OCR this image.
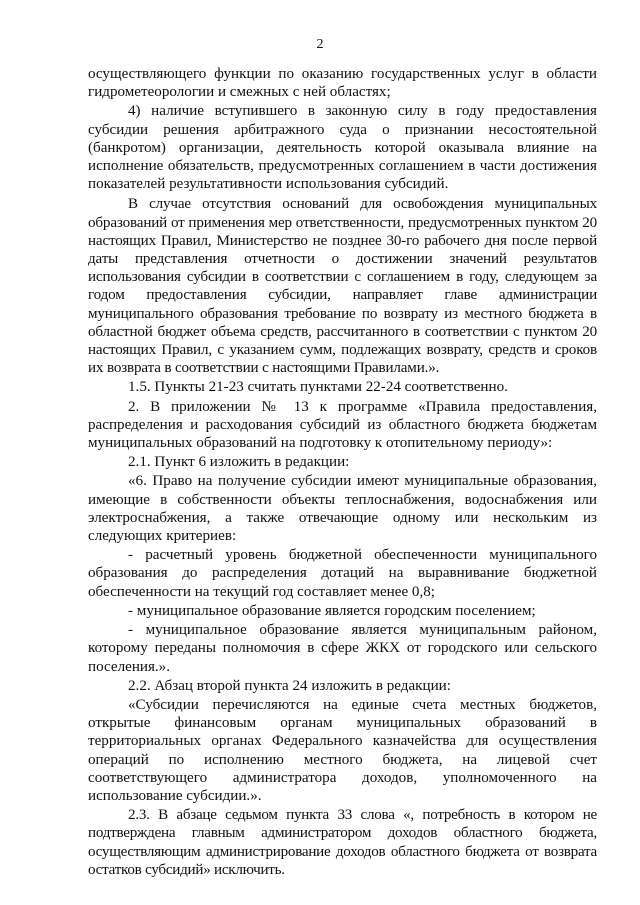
2

осуществляющего функции по оказанию государственных услуг в области гидрометеорологии и смежных с ней областях;

4) наличие вступившего в законную силу в году предоставления субсидии решения арбитражного суда о признании несостоятельной (банкротом) организации, деятельность которой оказывала влияние на исполнение обязательств, предусмотренных соглашением в части достижения показателей результативности использования субсидий.

В случае отсутствия оснований для освобождения муниципальных образований от применения мер ответственности, предусмотренных пунктом 20 настоящих Правил, Министерство не позднее 30-го рабочего дня после первой даты представления отчетности о достижении значений результатов использования субсидии в соответствии с соглашением в году, следующем за годом предоставления субсидии, направляет главе администрации муниципального образования требование по возврату из местного бюджета в областной бюджет объема средств, рассчитанного в соответствии с пунктом 20 настоящих Правил, с указанием сумм, подлежащих возврату, средств и сроков их возврата в соответствии с настоящими Правилами.».

1.5. Пункты 21-23 считать пунктами 22-24 соответственно.

2. В приложении № 13 к программе «Правила предоставления, распределения и расходования субсидий из областного бюджета бюджетам муниципальных образований на подготовку к отопительному периоду»:

2.1. Пункт 6 изложить в редакции:

«6. Право на получение субсидии имеют муниципальные образования, имеющие в собственности объекты теплоснабжения, водоснабжения или электроснабжения, а также отвечающие одному или нескольким из следующих критериев:

- расчетный уровень бюджетной обеспеченности муниципального образования до распределения дотаций на выравнивание бюджетной обеспеченности на текущий год составляет менее 0,8;

- муниципальное образование является городским поселением;

- муниципальное образование является муниципальным районом, которому переданы полномочия в сфере ЖКХ от городского или сельского поселения.».

2.2. Абзац второй пункта 24 изложить в редакции:

«Субсидии перечисляются на единые счета местных бюджетов, открытые финансовым органам муниципальных образований в территориальных органах Федерального казначейства для осуществления операций по исполнению местного бюджета, на лицевой счет соответствующего администратора доходов, уполномоченного на использование субсидии.».

2.3. В абзаце седьмом пункта 33 слова «, потребность в котором не подтверждена главным администратором доходов областного бюджета, осуществляющим администрирование доходов областного бюджета от возврата остатков субсидий» исключить.
